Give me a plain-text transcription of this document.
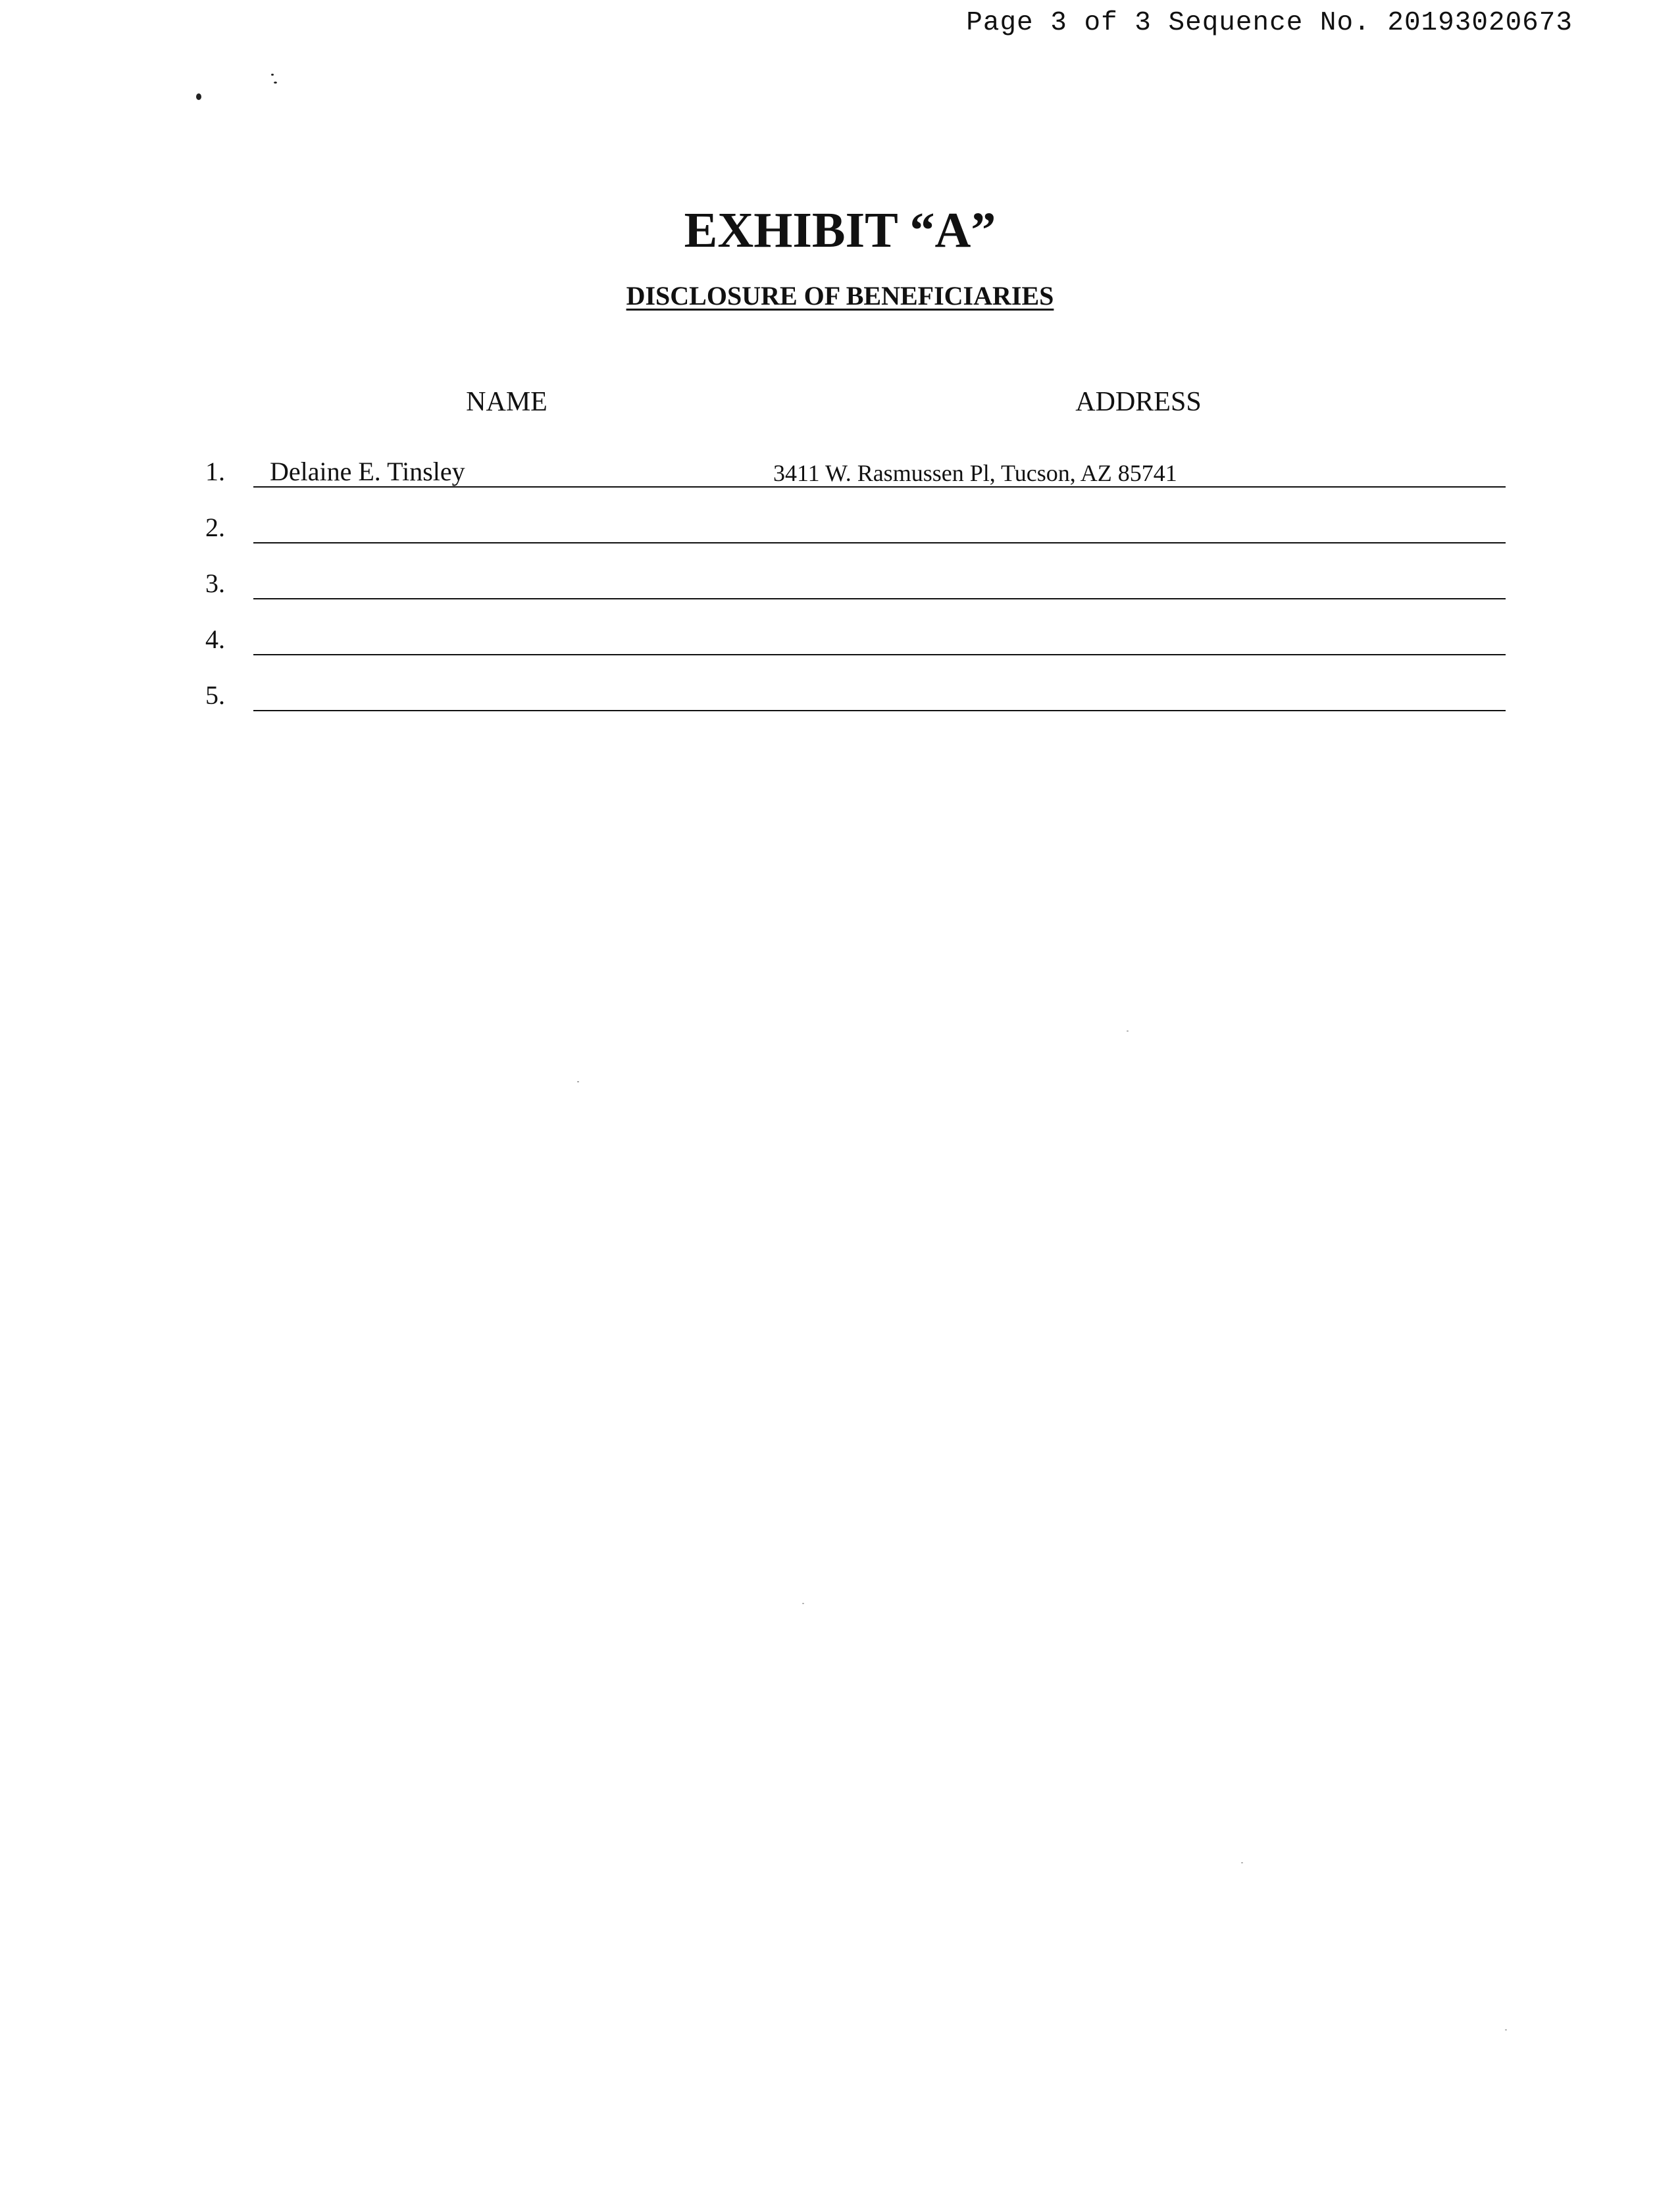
Page 3 of 3 Sequence No. 20193020673
EXHIBIT “A”
DISCLOSURE OF BENEFICIARIES
NAME	ADDRESS
1. Delaine E. Tinsley	3411 W. Rasmussen Pl, Tucson, AZ 85741
2.
3.
4.
5.
